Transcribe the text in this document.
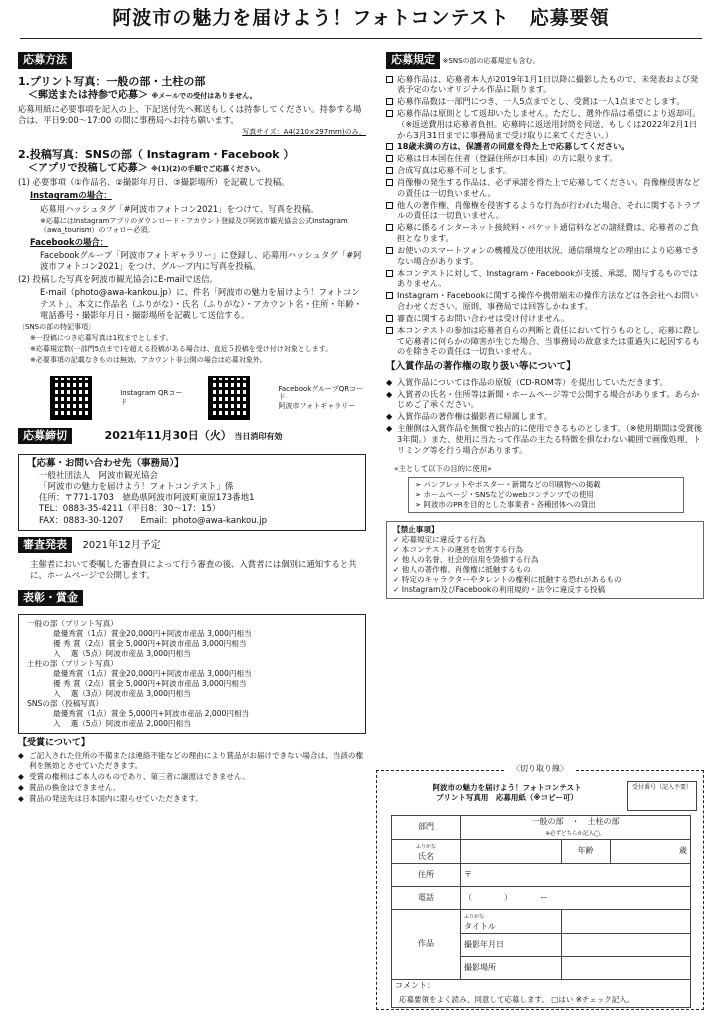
阿波市の魅力を届けよう！フォトコンテスト　応募要領
応募方法
1.プリント写真：一般の部・土柱の部
＜郵送または持参で応募＞ ※メールでの受付はありません。
応募用紙に必要事項を記入の上、下記送付先へ郵送もしくは持参してください。持参する場合は、平日9:00～17:00 の間に事務局へお持ち願います。
写真サイズ：A4(210×297mm)のみ。
2.投稿写真：SNSの部（ Instagram・Facebook ）
＜アプリで投稿して応募＞ ※(1)(2)の手順でご応募ください。
(1) 必要事項（①作品名、②撮影年月日、③撮影場所）を記載して投稿。
Instagramの場合：
応募用ハッシュタグ「#阿波市フォトコン2021」をつけて、写真を投稿。
※応募にはInstagramアプリのダウンロード・アカウント登録及び阿波市観光協会公式Instagram（awa_tourism）のフォロー必須。
Facebookの場合：
Facebookグループ「阿波市フォトギャラリー」に登録し、応募用ハッシュタグ「#阿波市フォトコン2021」をつけ、グループ内に写真を投稿。
(2) 投稿した写真を阿波市観光協会にE-mailで送信。
E-mail（photo@awa-kankou.jp）に、件名「阿波市の魅力を届けよう！フォトコンテスト」、本文に作品名（ふりがな）・氏名（ふりがな）・アカウント名・住所・年齢・電話番号・撮影年月日・撮影場所を記載して送信する。
〔SNSの部の特記事項〕
※一投稿につき応募写真は1枚までとします。
※応募規定数(一部門5点まで)を超える投稿がある場合は、直近５投稿を受け付け対象とします。
※必要事項の記載なきものは無効。アカウント非公開の場合は応募対象外。
Instagram QRコード
FacebookグループQRコード
阿波市フォトギャラリー
応募締切	2021年11月30日（火） 当日消印有効
【応募・お問い合わせ先（事務局）】
一般社団法人　阿波市観光協会
「阿波市の魅力を届けよう！フォトコンテスト」係
住所：〒771-1703　徳島県阿波市阿波町東原173番地1
TEL：0883-35-4211（平日8：30～17：15）
FAX：0883-30-1207　　Email：photo@awa-kankou.jp
審査発表 2021年12月予定
主催者において委嘱した審査員によって行う審査の後、入賞者には個別に通知すると共に、ホームページで公開します。
表彰・賞金
一般の部（プリント写真）
最優秀賞（1点）賞金20,000円+阿波市産品 3,000円相当
優 秀 賞（2点）賞金 5,000円+阿波市産品 3,000円相当
入　 選（5点）阿波市産品 3,000円相当
土柱の部（プリント写真）
最優秀賞（1点）賞金20,000円+阿波市産品 3,000円相当
優 秀 賞（2点）賞金 5,000円+阿波市産品 3,000円相当
入　 選（3点）阿波市産品 3,000円相当
SNSの部（投稿写真）
最優秀賞（1点）賞金 5,000円+阿波市産品 2,000円相当
入　 選（5点）阿波市産品 2,000円相当
【受賞について】
◆ ご記入された住所の不備または連絡不能などの理由により賞品がお届けできない場合は、当該の権利を無効とさせていただきます。
◆ 受賞の権利はご本人のものであり、第三者に譲渡はできません。
◆ 賞品の換金はできません。
◆ 賞品の発送先は日本国内に限らせていただきます。
応募規定 ※SNSの部の応募規定も含む。
応募作品は、応募者本人が2019年1月1日以降に撮影したもので、未発表および発表予定のないオリジナル作品に限ります。
応募作品数は一部門につき、一人5点までとし、受賞は一人1点までとします。
応募作品は原則として返却いたしません。ただし、選外作品は希望により返却可。（※返送費用は応募者負担。応募時に返送用封筒を同送、もしくは2022年2月1日から3月31日までに事務局まで受け取りに来てください。）
18歳未満の方は、保護者の同意を得た上で応募してください。
応募は日本国在住者（登録住所が日本国）の方に限ります。
合成写真は応募不可とします。
肖像権の発生する作品は、必ず承諾を得た上で応募してください。肖像権侵害などの責任は一切負いません。
他人の著作権、肖像権を侵害するような行為が行われた場合、それに関するトラブルの責任は一切負いません。
応募に係るインターネット接続料・パケット通信料などの諸経費は、応募者のご負担となります。
お使いのスマートフォンの機種及び使用状況、通信環境などの理由により応募できない場合があります。
本コンテストに対して、Instagram・Facebookが支援、承認、関与するものではありません。
Instagram・Facebookに関する操作や携帯端末の操作方法などは各会社へお問い合わせください。原則、事務局では回答しかねます。
審査に関するお問い合わせは受け付けません。
本コンテストの参加は応募者自らの判断と責任において行うものとし、応募に際して応募者に何らかの障害が生じた場合、当事務局の故意または重過失に起因するものを除きその責任は一切負いません。
【入賞作品の著作権の取り扱い等について】
◆ 入賞作品については作品の原版（CD-ROM等）を提出していただきます。
◆ 入賞者の氏名・住所等は新聞・ホームページ等で公開する場合があります。あらかじめご了承ください。
◆ 入賞作品の著作権は撮影者に帰属します。
◆ 主催側は入賞作品を無償で独占的に使用できるものとします。（※使用期間は受賞後3年間。）また、使用に当たって作品の主たる特徴を損なわない範囲で画像処理、トリミング等を行う場合があります。
«主として以下の目的に使用»
➢ パンフレットやポスター・新聞などの印刷物への掲載
➢ ホームページ・SNSなどのwebコンテンツでの使用
➢ 阿波市のPRを目的とした事業者・各種団体への貸出
【禁止事項】
✓ 応募規定に違反する行為
✓ 本コンテストの運営を妨害する行為
✓ 他人の名誉、社会的信用を毀損する行為
✓ 他人の著作権、肖像権に抵触するもの
✓ 特定のキャラクターやタレントの権利に抵触する恐れがあるもの
✓ Instagram及びFacebookの利用規約・法令に違反する投稿
〈切り取り線〉
阿波市の魅力を届けよう！フォトコンテスト
プリント写真用　応募用紙（※コピー可）
受付番号（記入不要）
部門	一般の部　・　土柱の部
※必ずどちらか記入◯。		
ふりがな
氏名		年齢	歳
住所	〒		
電話	（　　　　）　　　　ー		
作品	ふりがな
タイトル		
	撮影年月日		
	撮影場所		
コメント：			
応募要領をよく読み、同意して応募します。 □はい ※チェック記入。
